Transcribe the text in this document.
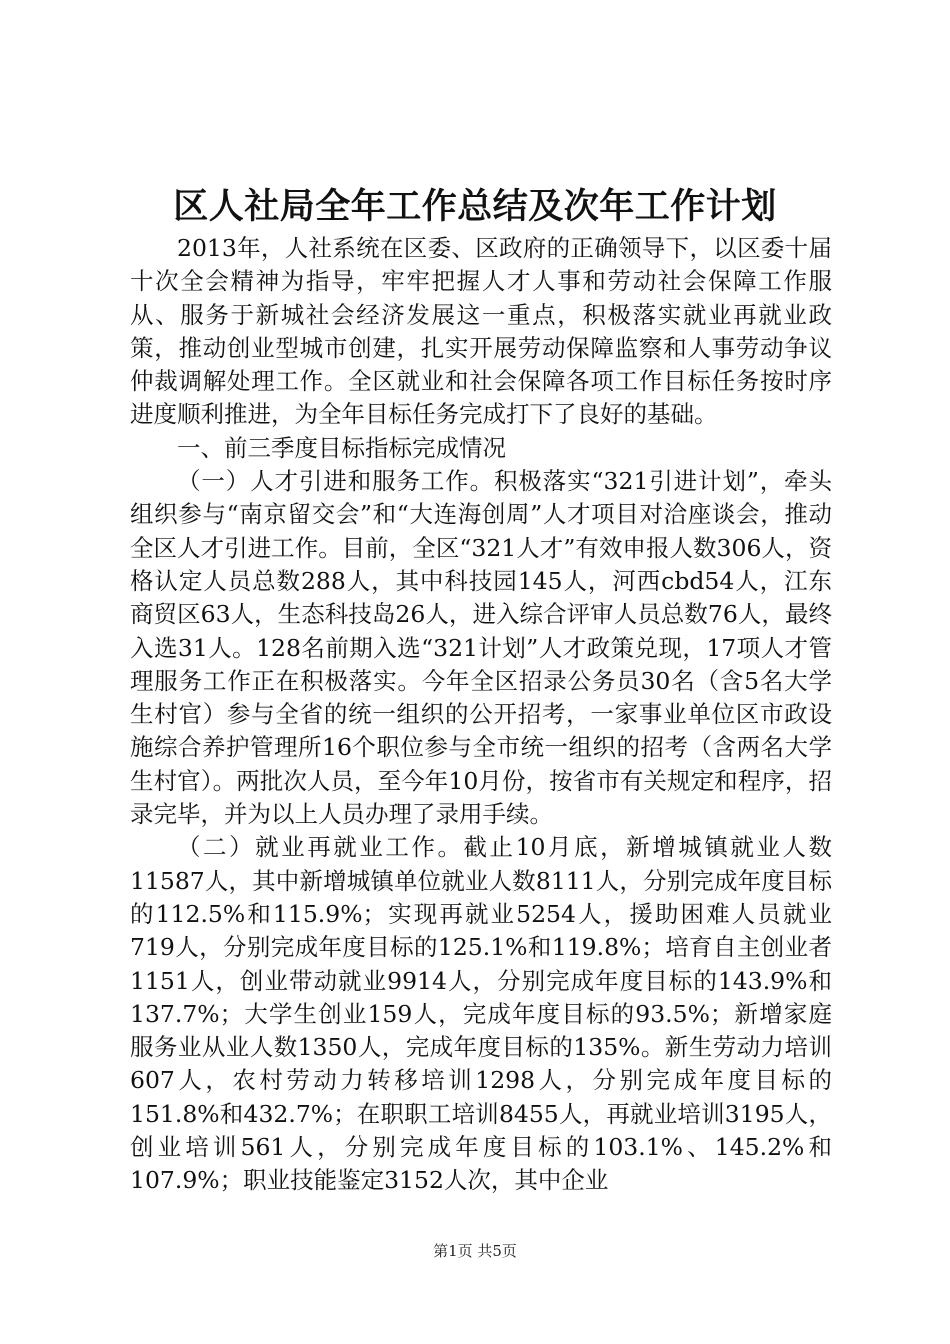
区人社局全年工作总结及次年工作计划

2013年，人社系统在区委、区政府的正确领导下，以区委十届十次全会精神为指导，牢牢把握人才人事和劳动社会保障工作服从、服务于新城社会经济发展这一重点，积极落实就业再就业政策，推动创业型城市创建，扎实开展劳动保障监察和人事劳动争议仲裁调解处理工作。全区就业和社会保障各项工作目标任务按时序进度顺利推进，为全年目标任务完成打下了良好的基础。

一、前三季度目标指标完成情况

（一）人才引进和服务工作。积极落实“321引进计划”，牵头组织参与“南京留交会”和“大连海创周”人才项目对洽座谈会，推动全区人才引进工作。目前，全区“321人才”有效申报人数306人，资格认定人员总数288人，其中科技园145人，河西cbd54人，江东商贸区63人，生态科技岛26人，进入综合评审人员总数76人，最终入选31人。128名前期入选“321计划”人才政策兑现，17项人才管理服务工作正在积极落实。今年全区招录公务员30名（含5名大学生村官）参与全省的统一组织的公开招考，一家事业单位区市政设施综合养护管理所16个职位参与全市统一组织的招考（含两名大学生村官）。两批次人员，至今年10月份，按省市有关规定和程序，招录完毕，并为以上人员办理了录用手续。

（二）就业再就业工作。截止10月底，新增城镇就业人数11587人，其中新增城镇单位就业人数8111人，分别完成年度目标的112.5%和115.9%；实现再就业5254人，援助困难人员就业719人，分别完成年度目标的125.1%和119.8%；培育自主创业者1151人，创业带动就业9914人，分别完成年度目标的143.9%和137.7%；大学生创业159人，完成年度目标的93.5%；新增家庭服务业从业人数1350人，完成年度目标的135%。新生劳动力培训607人，农村劳动力转移培训1298人，分别完成年度目标的151.8%和432.7%；在职职工培训8455人，再就业培训3195人，创业培训561人，分别完成年度目标的103.1%、145.2%和107.9%；职业技能鉴定3152人次，其中企业

第1页 共5页
